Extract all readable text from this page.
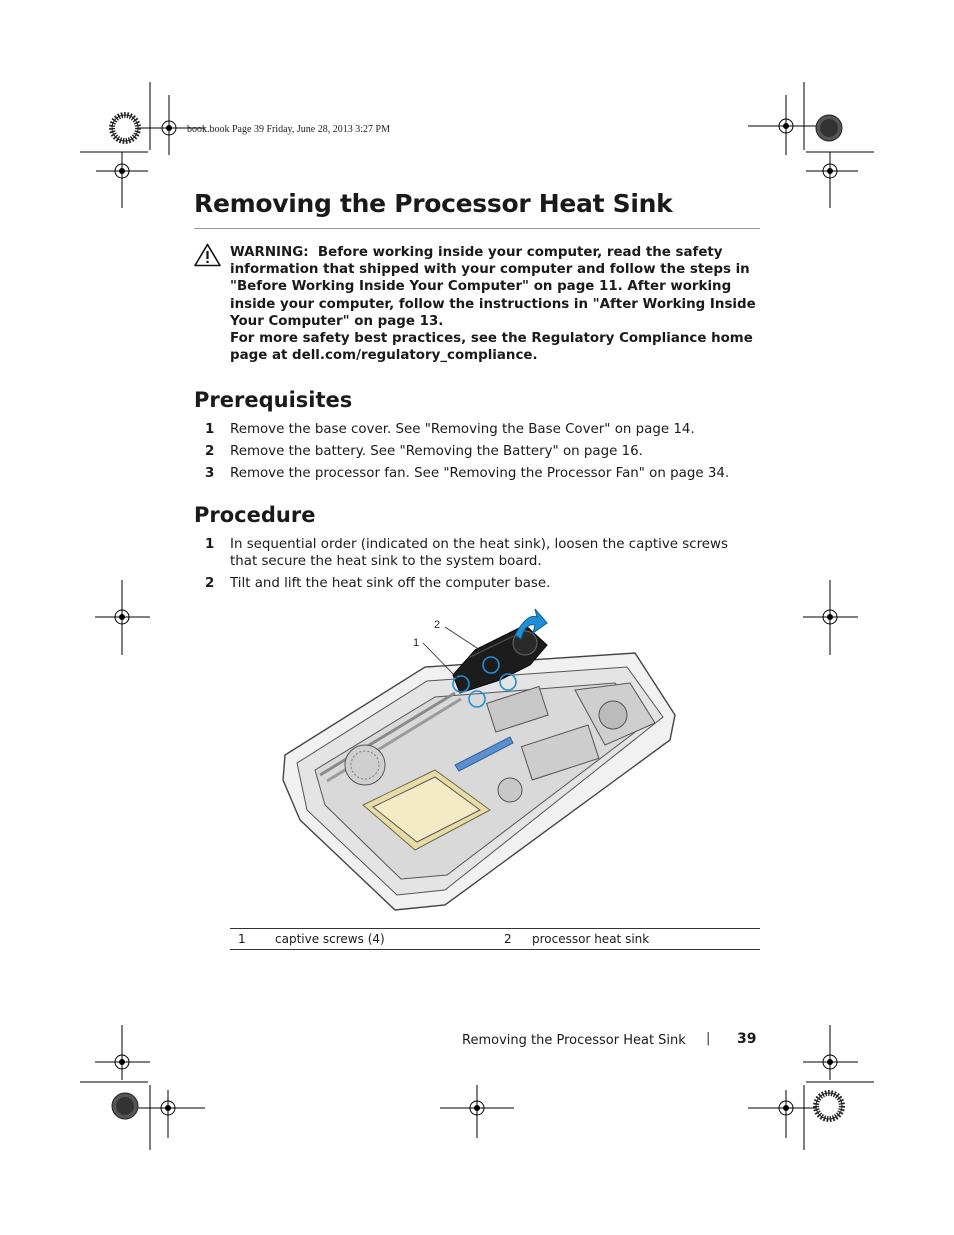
book.book Page 39 Friday, June 28, 2013 3:27 PM
Removing the Processor Heat Sink

WARNING: Before working inside your computer, read the safety information that shipped with your computer and follow the steps in "Before Working Inside Your Computer" on page 11. After working inside your computer, follow the instructions in "After Working Inside Your Computer" on page 13.

For more safety best practices, see the Regulatory Compliance home page at dell.com/regulatory_compliance.

Prerequisites
1 Remove the base cover. See "Removing the Base Cover" on page 14.
2 Remove the battery. See "Removing the Battery" on page 16.
3 Remove the processor fan. See "Removing the Processor Fan" on page 34.
Procedure
1 In sequential order (indicated on the heat sink), loosen the captive screws that secure the heat sink to the system board.
2 Tilt and lift the heat sink off the computer base.
1
2
1	captive screws (4)	2	processor heat sink
Removing the Processor Heat Sink | 39
